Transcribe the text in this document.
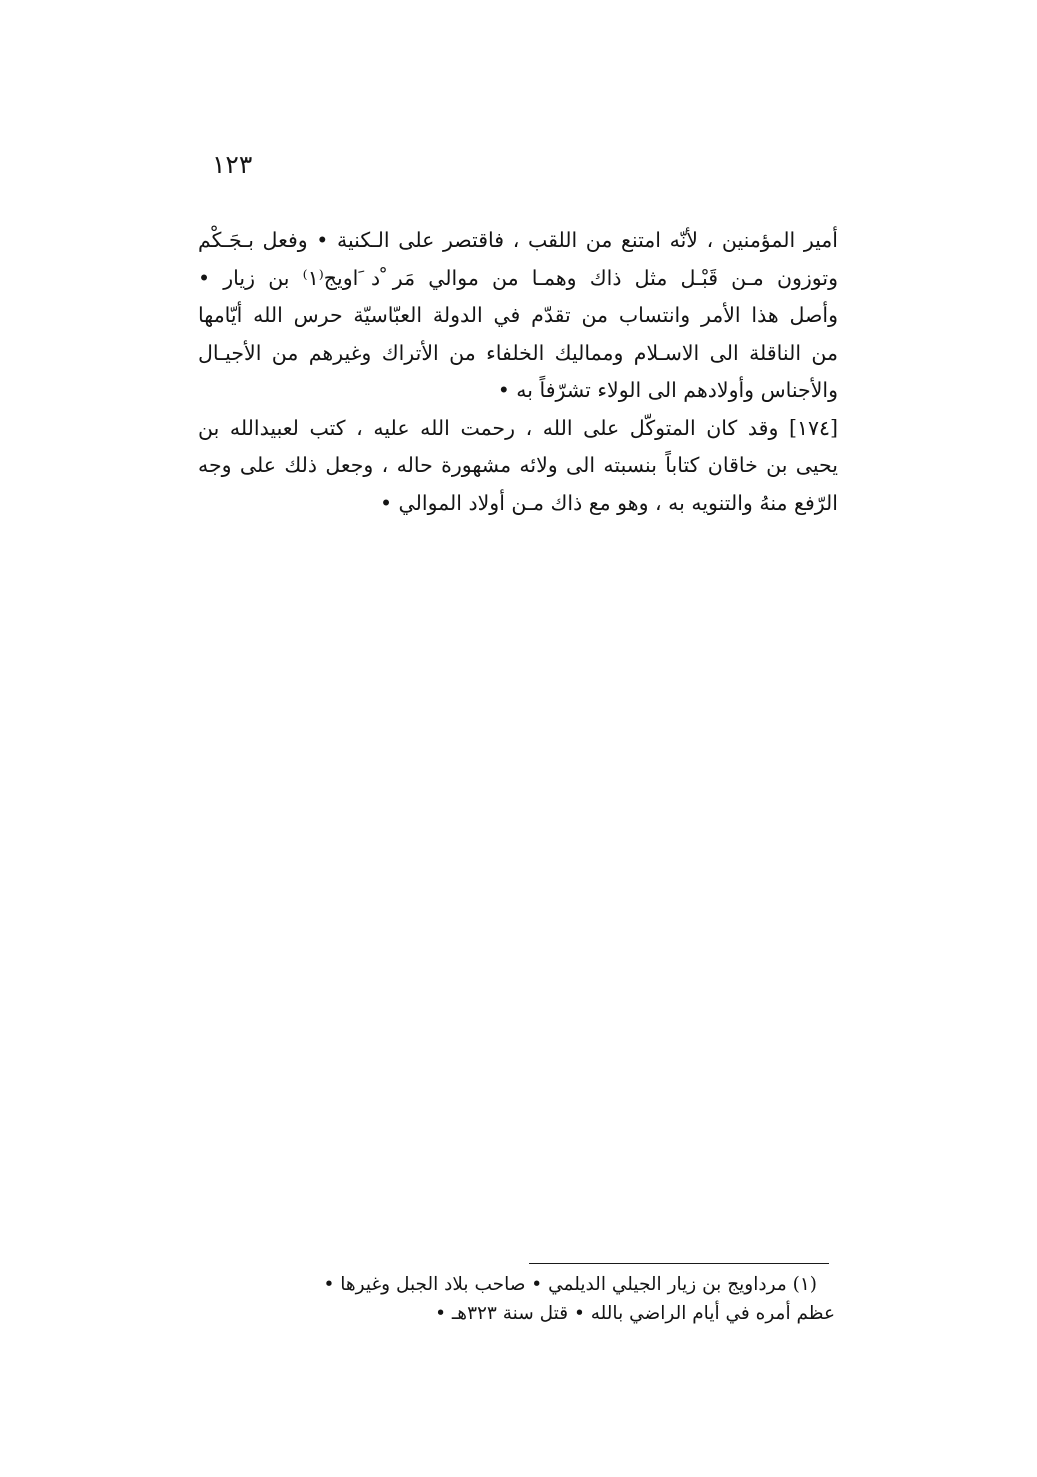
١٢٣
أمير المؤمنين ، لأنّه امتنع من اللقب ، فاقتصر على الـكنية • وفعل بـجَـكْم
وتوزون مـن قَبْـل مثل ذاك وهمـا من موالي مَر ْد َاويج⁽١⁾ بن زيار •
وأصل هذا الأمر وانتساب من تقدّم في الدولة العبّاسيّة حرس الله أيّامها
من الناقلة الى الاسـلام ومماليك الخلفاء من الأتراك وغيرهم من الأجيـال
والأجناس وأولادهم الى الولاء تشرّفاً به •
[١٧٤] وقد كان المتوكّل على الله ، رحمت الله عليه ، كتب لعبيدالله بن
يحيى بن خاقان كتاباً بنسبته الى ولائه مشهورة حاله ، وجعل ذلك على وجه
الرّفع منهُ والتنويه به ، وهو مع ذاك مـن أولاد الموالي •
(١) مرداويج بن زيار الجيلي الديلمي • صاحب بلاد الجبل وغيرها •
عظم أمره في أيام الراضي بالله • قتل سنة ٣٢٣هـ •
